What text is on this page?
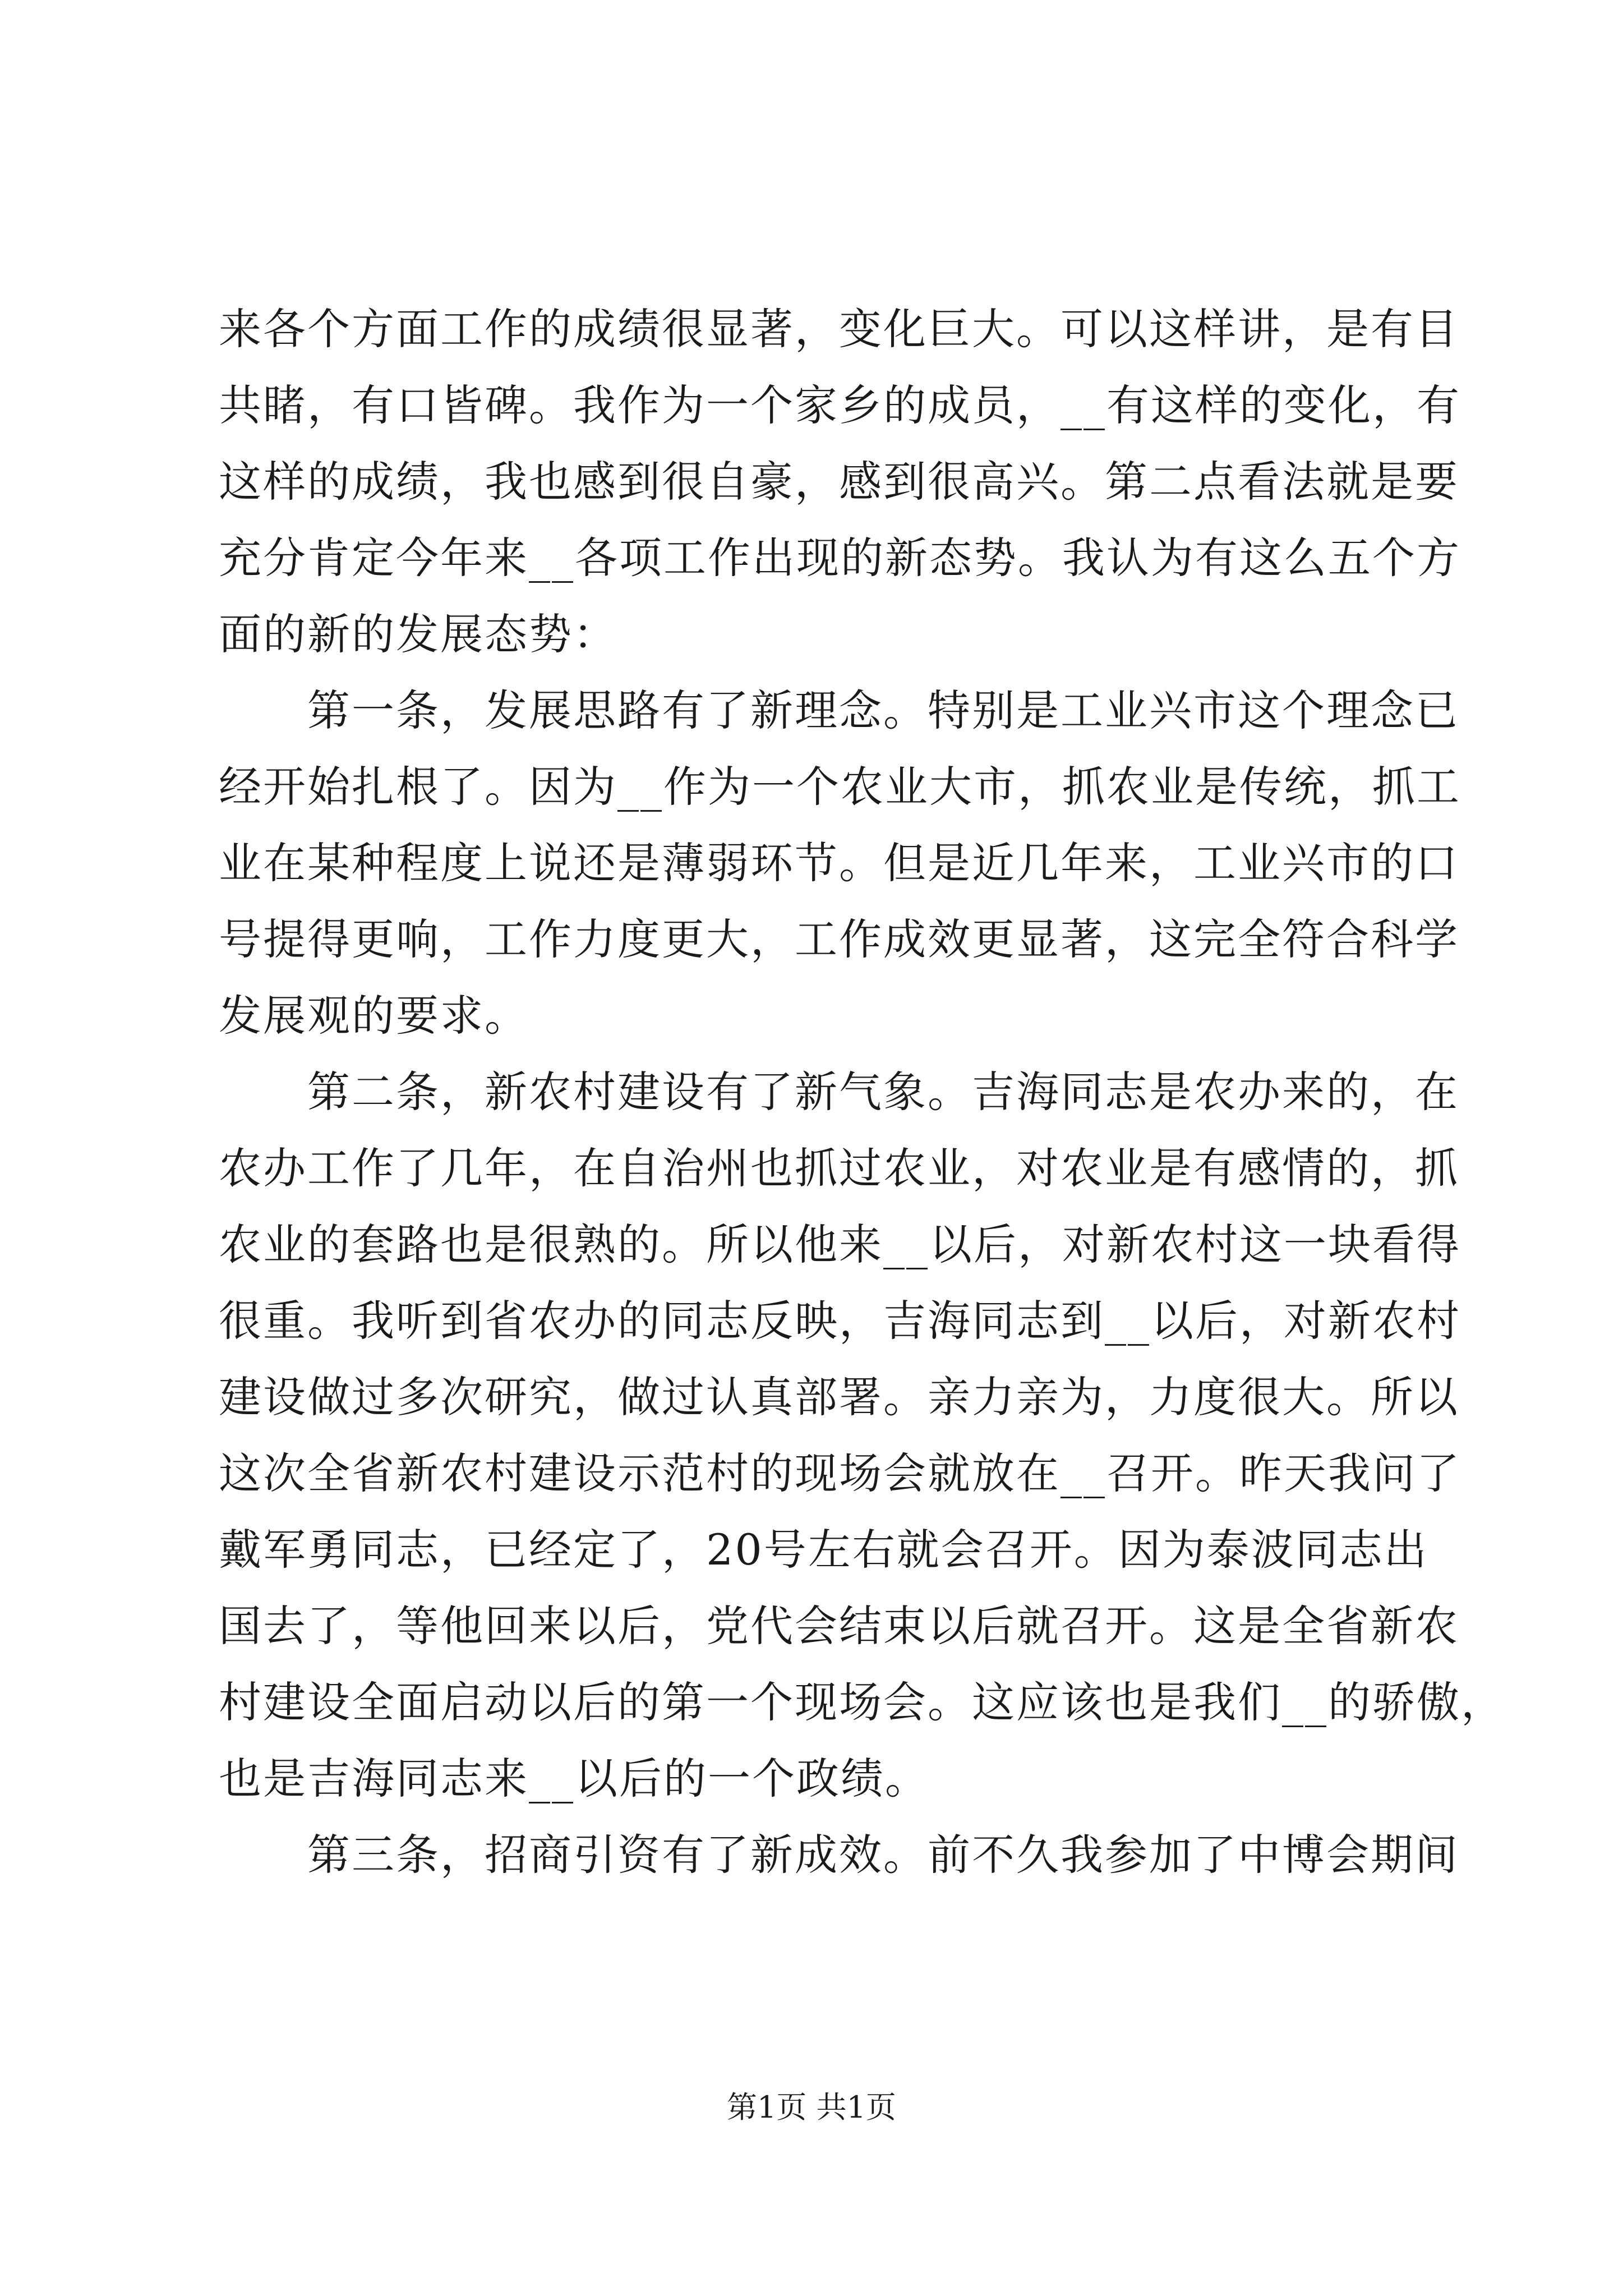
来各个方面工作的成绩很显著，变化巨大。可以这样讲，是有目
共睹，有口皆碑。我作为一个家乡的成员，__有这样的变化，有
这样的成绩，我也感到很自豪，感到很高兴。第二点看法就是要
充分肯定今年来__各项工作出现的新态势。我认为有这么五个方
面的新的发展态势：
　　第一条，发展思路有了新理念。特别是工业兴市这个理念已
经开始扎根了。因为__作为一个农业大市，抓农业是传统，抓工
业在某种程度上说还是薄弱环节。但是近几年来，工业兴市的口
号提得更响，工作力度更大，工作成效更显著，这完全符合科学
发展观的要求。
　　第二条，新农村建设有了新气象。吉海同志是农办来的，在
农办工作了几年，在自治州也抓过农业，对农业是有感情的，抓
农业的套路也是很熟的。所以他来__以后，对新农村这一块看得
很重。我听到省农办的同志反映，吉海同志到__以后，对新农村
建设做过多次研究，做过认真部署。亲力亲为，力度很大。所以
这次全省新农村建设示范村的现场会就放在__召开。昨天我问了
戴军勇同志，已经定了，20号左右就会召开。因为泰波同志出
国去了，等他回来以后，党代会结束以后就召开。这是全省新农
村建设全面启动以后的第一个现场会。这应该也是我们__的骄傲，
也是吉海同志来__以后的一个政绩。
　　第三条，招商引资有了新成效。前不久我参加了中博会期间
第1页 共1页
